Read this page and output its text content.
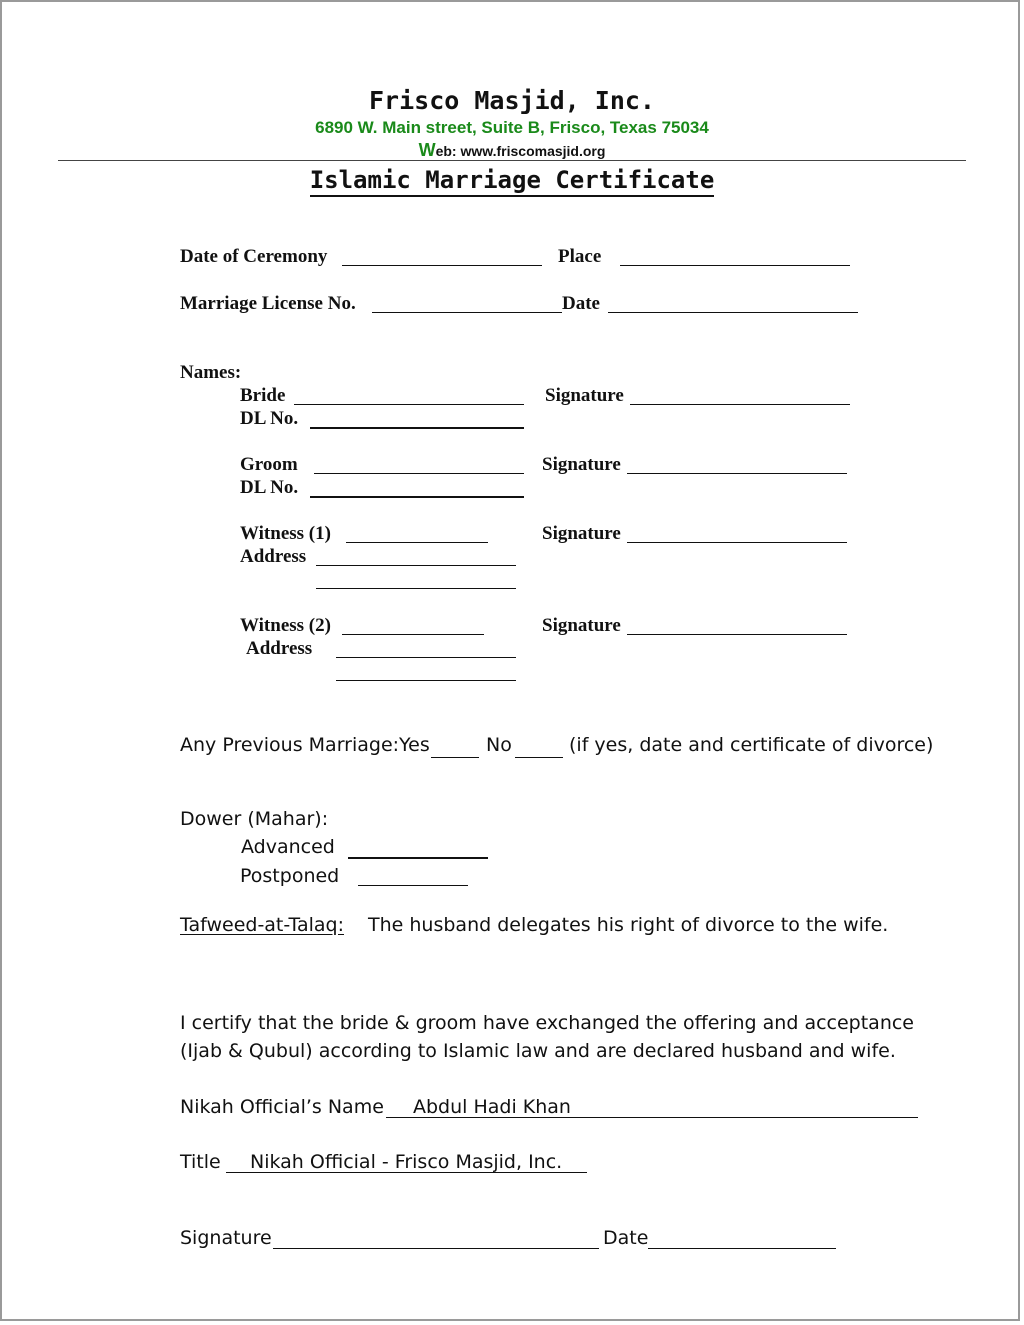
Frisco Masjid, Inc.
6890 W. Main street, Suite B, Frisco, Texas 75034
Web: www.friscomasjid.org
Islamic Marriage Certificate
Date of Ceremony	Place
Marriage License No.	Date
Names:
Bride	Signature
DL No.
Groom	Signature
DL No.
Witness (1)	Signature
Address
Witness (2)	Signature
Address
Any Previous Marriage:Yes	No	(if yes, date and certificate of divorce)
Dower (Mahar):
Advanced
Postponed
Tafweed-at-Talaq: The husband delegates his right of divorce to the wife.
I certify that the bride & groom have exchanged the offering and acceptance
(Ijab & Qubul) according to Islamic law and are declared husband and wife.
Nikah Official’s Name Abdul Hadi Khan
Title Nikah Official - Frisco Masjid, Inc.
Signature	Date
